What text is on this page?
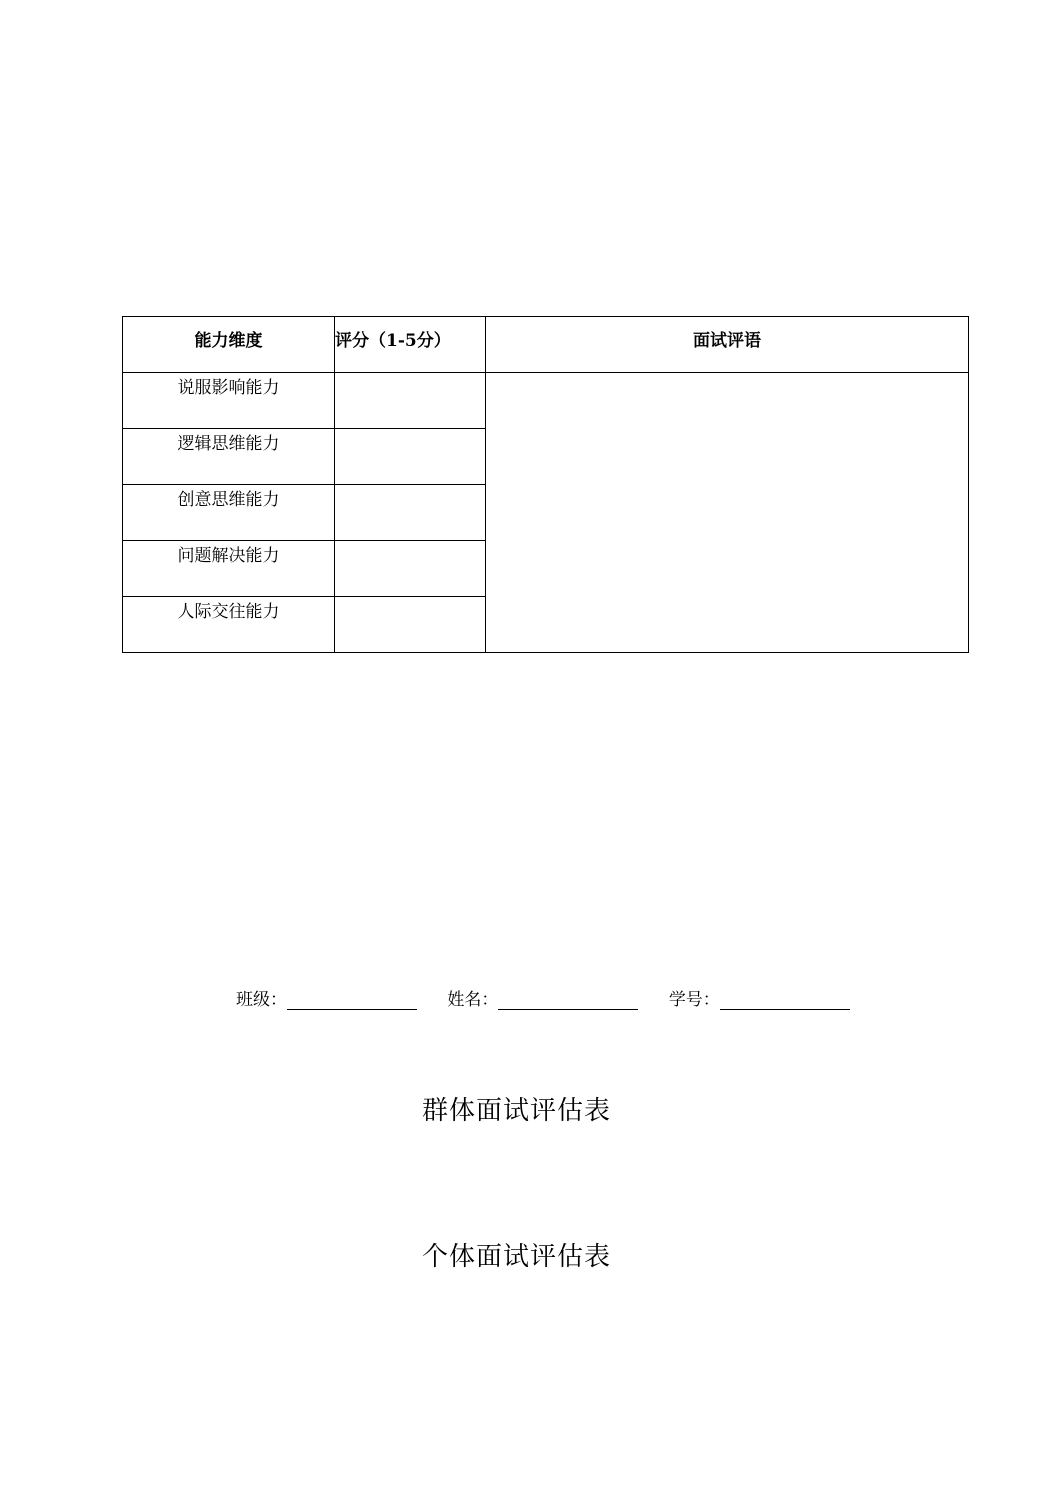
能力维度	评分（1-5分）	面试评语
说服影响能力		
逻辑思维能力		
创意思维能力		
问题解决能力		
人际交往能力		
班级：	姓名：	学号：
群体面试评估表
个体面试评估表
